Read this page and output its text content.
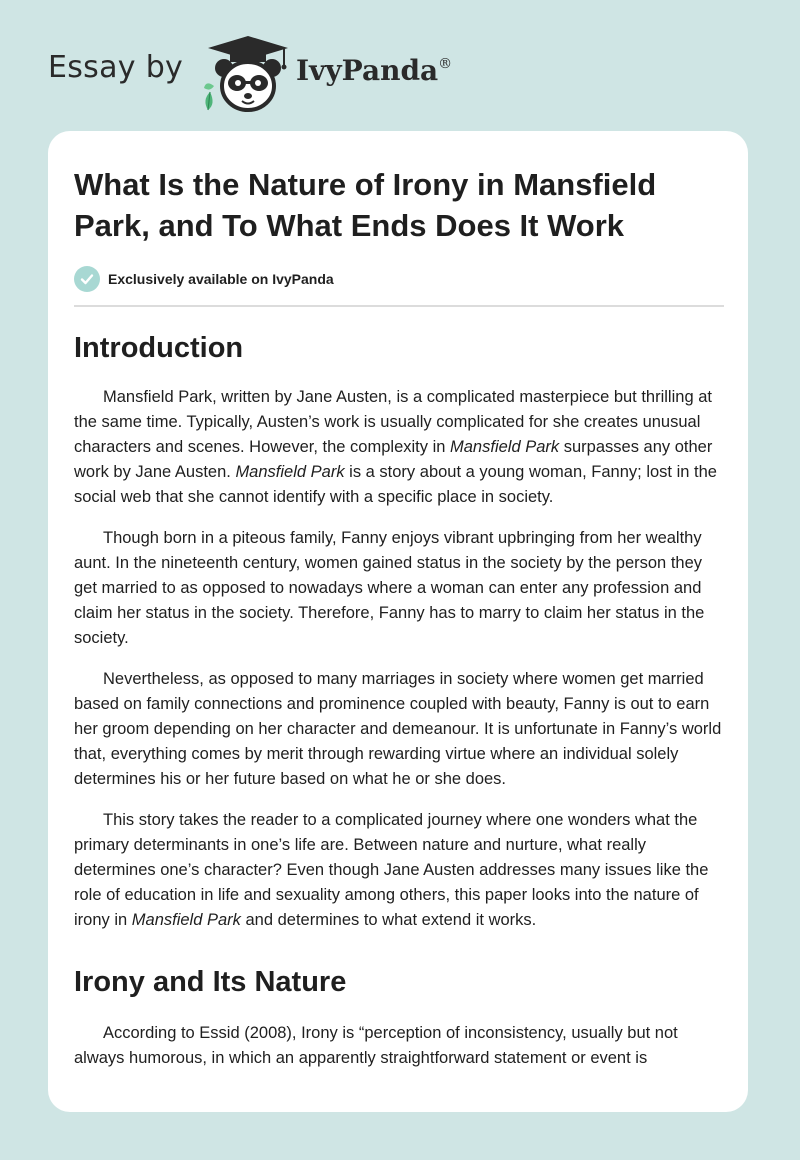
Essay by	IvyPanda®
What Is the Nature of Irony in Mansfield Park, and To What Ends Does It Work
Exclusively available on IvyPanda
Introduction

Mansfield Park, written by Jane Austen, is a complicated masterpiece but thrilling at the same time. Typically, Austen’s work is usually complicated for she creates unusual characters and scenes. However, the complexity in Mansfield Park surpasses any other work by Jane Austen. Mansfield Park is a story about a young woman, Fanny; lost in the social web that she cannot identify with a specific place in society.

Though born in a piteous family, Fanny enjoys vibrant upbringing from her wealthy aunt. In the nineteenth century, women gained status in the society by the person they get married to as opposed to nowadays where a woman can enter any profession and claim her status in the society. Therefore, Fanny has to marry to claim her status in the society.

Nevertheless, as opposed to many marriages in society where women get married based on family connections and prominence coupled with beauty, Fanny is out to earn her groom depending on her character and demeanour. It is unfortunate in Fanny’s world that, everything comes by merit through rewarding virtue where an individual solely determines his or her future based on what he or she does.

This story takes the reader to a complicated journey where one wonders what the primary determinants in one’s life are. Between nature and nurture, what really determines one’s character? Even though Jane Austen addresses many issues like the role of education in life and sexuality among others, this paper looks into the nature of irony in Mansfield Park and determines to what extend it works.

Irony and Its Nature

According to Essid (2008), Irony is “perception of inconsistency, usually but not always humorous, in which an apparently straightforward statement or event is
